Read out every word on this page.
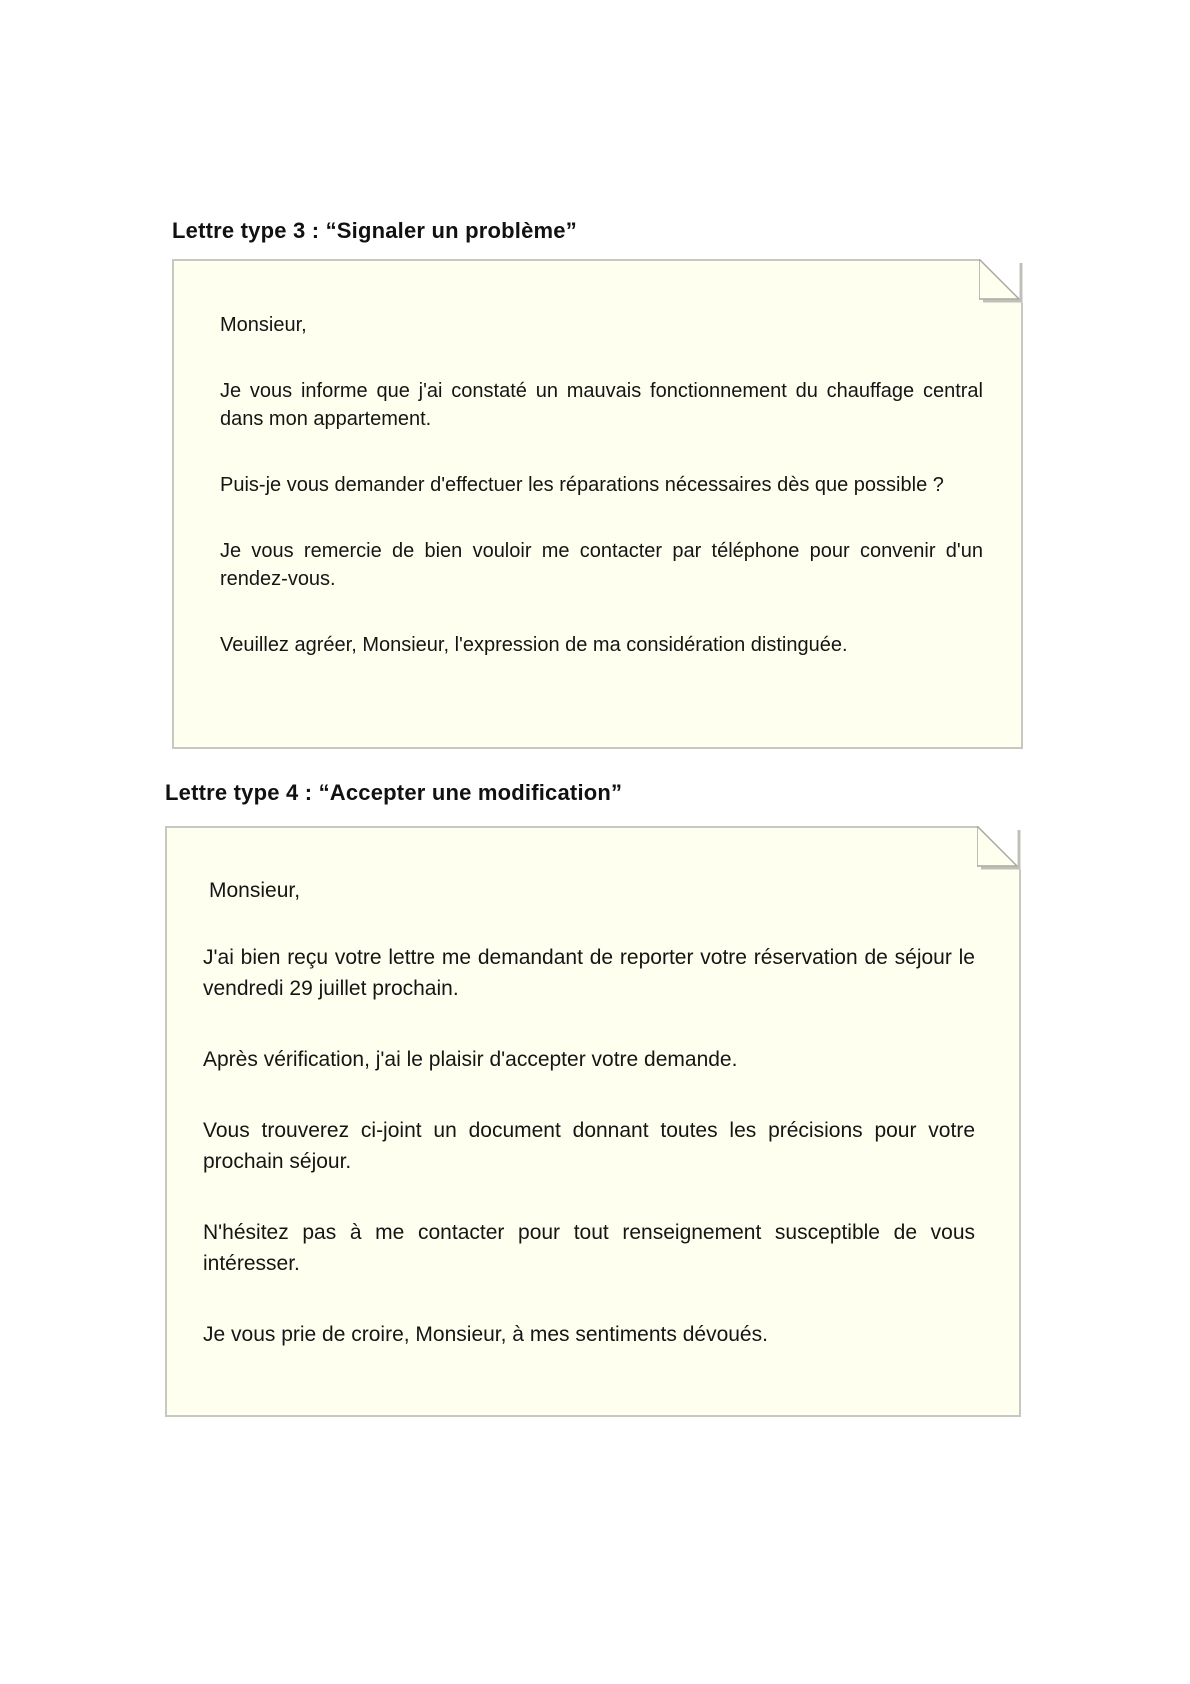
Lettre type 3 : “Signaler un problème”

Monsieur,

Je vous informe que j'ai constaté un mauvais fonctionnement du chauffage central dans mon appartement.

Puis-je vous demander d'effectuer les réparations nécessaires dès que possible ?

Je vous remercie de bien vouloir me contacter par téléphone pour convenir d'un rendez-vous.

Veuillez agréer, Monsieur, l'expression de ma considération distinguée.

Lettre type 4 : “Accepter une modification”

Monsieur,

J'ai bien reçu votre lettre me demandant de reporter votre réservation de séjour le vendredi 29 juillet prochain.

Après vérification, j'ai le plaisir d'accepter votre demande.

Vous trouverez ci-joint un document donnant toutes les précisions pour votre prochain séjour.

N'hésitez pas à me contacter pour tout renseignement susceptible de vous intéresser.

Je vous prie de croire, Monsieur, à mes sentiments dévoués.
